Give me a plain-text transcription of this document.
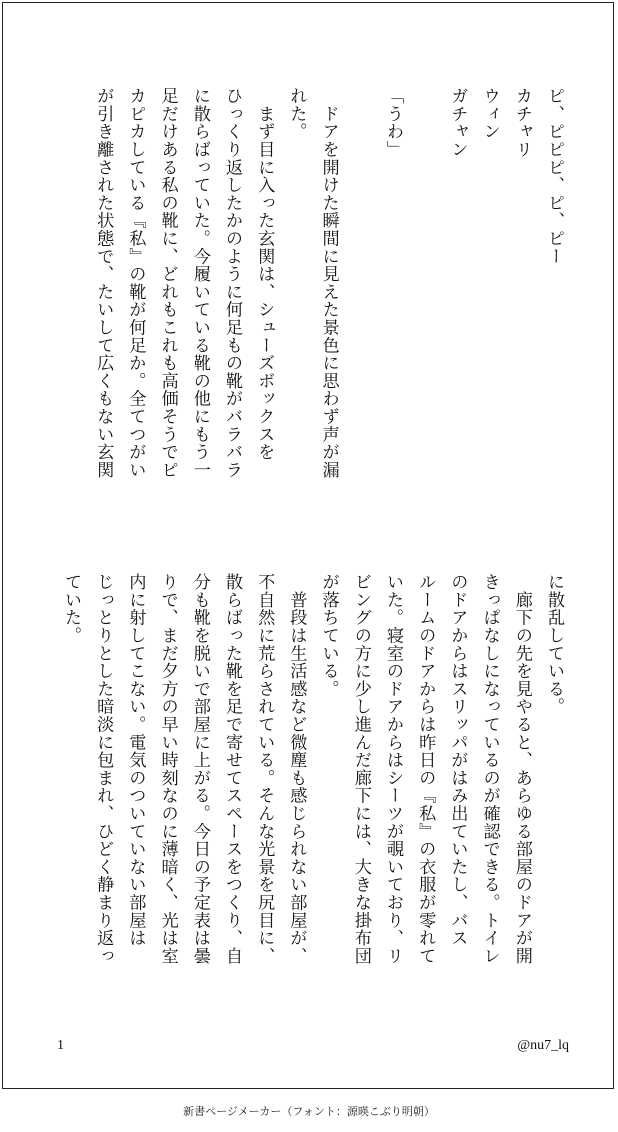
ピ、ピピピ、ピ、ピー
カチャリ
ウィン
ガチャン
「うわ」
　ドアを開けた瞬間に見えた景色に思わず声が漏
れた。
　まず目に入った玄関は、シューズボックスを
ひっくり返したかのように何足もの靴がバラバラ
に散らばっていた。今履いている靴の他にもう一
足だけある私の靴に、どれもこれも高価そうでピ
カピカしている『私』の靴が何足か。全てつがい
が引き離された状態で、たいして広くもない玄関
に散乱している。
　廊下の先を見やると、あらゆる部屋のドアが開
きっぱなしになっているのが確認できる。トイレ
のドアからはスリッパがはみ出ていたし、バス
ルームのドアからは昨日の『私』の衣服が零れて
いた。寝室のドアからはシーツが覗いており、リ
ビングの方に少し進んだ廊下には、大きな掛布団
が落ちている。
　普段は生活感など微塵も感じられない部屋が、
不自然に荒らされている。そんな光景を尻目に、
散らばった靴を足で寄せてスペースをつくり、自
分も靴を脱いで部屋に上がる。今日の予定表は曇
りで、まだ夕方の早い時刻なのに薄暗く、光は室
内に射してこない。電気のついていない部屋は
じっとりとした暗淡に包まれ、ひどく静まり返っ
ていた。
1	@nu7_lq
新書ページメーカー（フォント：源暎こぶり明朝）
